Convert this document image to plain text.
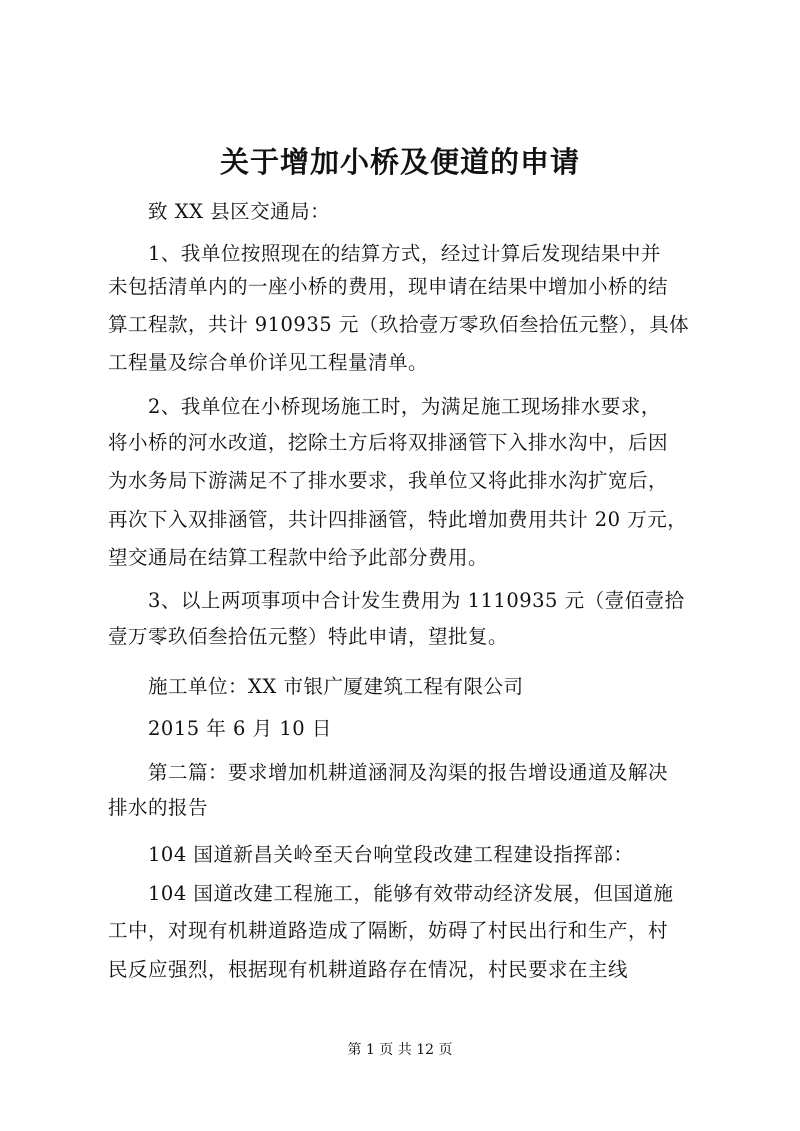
关于增加小桥及便道的申请
致 XX 县区交通局：
1、我单位按照现在的结算方式，经过计算后发现结果中并
未包括清单内的一座小桥的费用，现申请在结果中增加小桥的结
算工程款，共计 910935 元（玖拾壹万零玖佰叁拾伍元整），具体
工程量及综合单价详见工程量清单。
2、我单位在小桥现场施工时，为满足施工现场排水要求，
将小桥的河水改道，挖除土方后将双排涵管下入排水沟中，后因
为水务局下游满足不了排水要求，我单位又将此排水沟扩宽后，
再次下入双排涵管，共计四排涵管，特此增加费用共计 20 万元，
望交通局在结算工程款中给予此部分费用。
3、以上两项事项中合计发生费用为 1110935 元（壹佰壹拾
壹万零玖佰叁拾伍元整）特此申请，望批复。
施工单位：XX 市银广厦建筑工程有限公司
2015 年 6 月 10 日
第二篇：要求增加机耕道涵洞及沟渠的报告增设通道及解决
排水的报告
104 国道新昌关岭至天台响堂段改建工程建设指挥部：
104 国道改建工程施工，能够有效带动经济发展，但国道施
工中，对现有机耕道路造成了隔断，妨碍了村民出行和生产，村
民反应强烈，根据现有机耕道路存在情况，村民要求在主线
第 1 页 共 12 页
